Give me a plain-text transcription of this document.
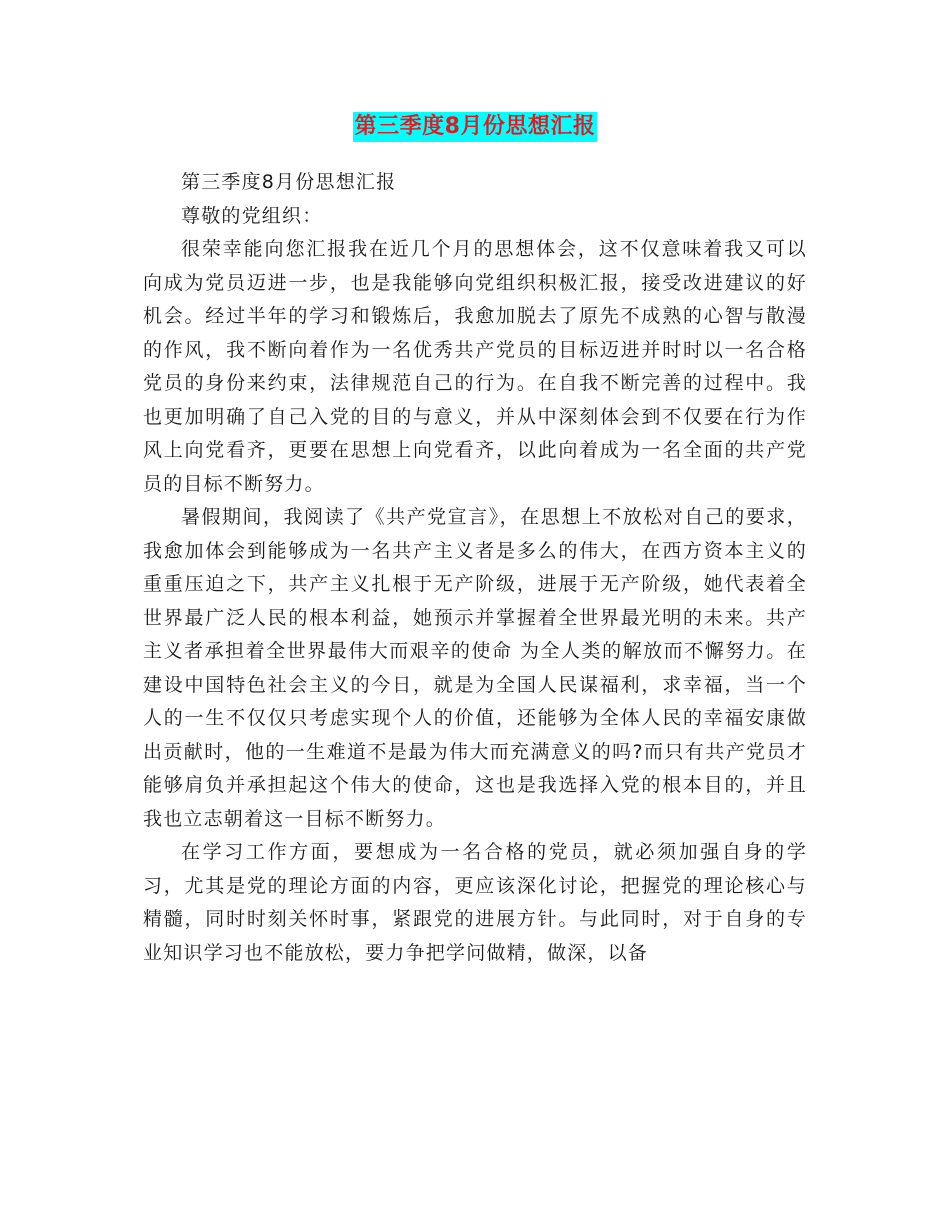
第三季度8月份思想汇报

第三季度8月份思想汇报

尊敬的党组织：

很荣幸能向您汇报我在近几个月的思想体会，这不仅意味着我又可以向成为党员迈进一步，也是我能够向党组织积极汇报，接受改进建议的好机会。经过半年的学习和锻炼后，我愈加脱去了原先不成熟的心智与散漫的作风，我不断向着作为一名优秀共产党员的目标迈进并时时以一名合格党员的身份来约束，法律规范自己的行为。在自我不断完善的过程中。我也更加明确了自己入党的目的与意义，并从中深刻体会到不仅要在行为作风上向党看齐，更要在思想上向党看齐，以此向着成为一名全面的共产党员的目标不断努力。

暑假期间，我阅读了《共产党宣言》，在思想上不放松对自己的要求，我愈加体会到能够成为一名共产主义者是多么的伟大，在西方资本主义的重重压迫之下，共产主义扎根于无产阶级，进展于无产阶级，她代表着全世界最广泛人民的根本利益，她预示并掌握着全世界最光明的未来。共产主义者承担着全世界最伟大而艰辛的使命 为全人类的解放而不懈努力。在建设中国特色社会主义的今日，就是为全国人民谋福利，求幸福，当一个人的一生不仅仅只考虑实现个人的价值，还能够为全体人民的幸福安康做出贡献时，他的一生难道不是最为伟大而充满意义的吗?而只有共产党员才能够肩负并承担起这个伟大的使命，这也是我选择入党的根本目的，并且我也立志朝着这一目标不断努力。

在学习工作方面，要想成为一名合格的党员，就必须加强自身的学习，尤其是党的理论方面的内容，更应该深化讨论，把握党的理论核心与精髓，同时时刻关怀时事，紧跟党的进展方针。与此同时，对于自身的专业知识学习也不能放松，要力争把学问做精，做深，以备
